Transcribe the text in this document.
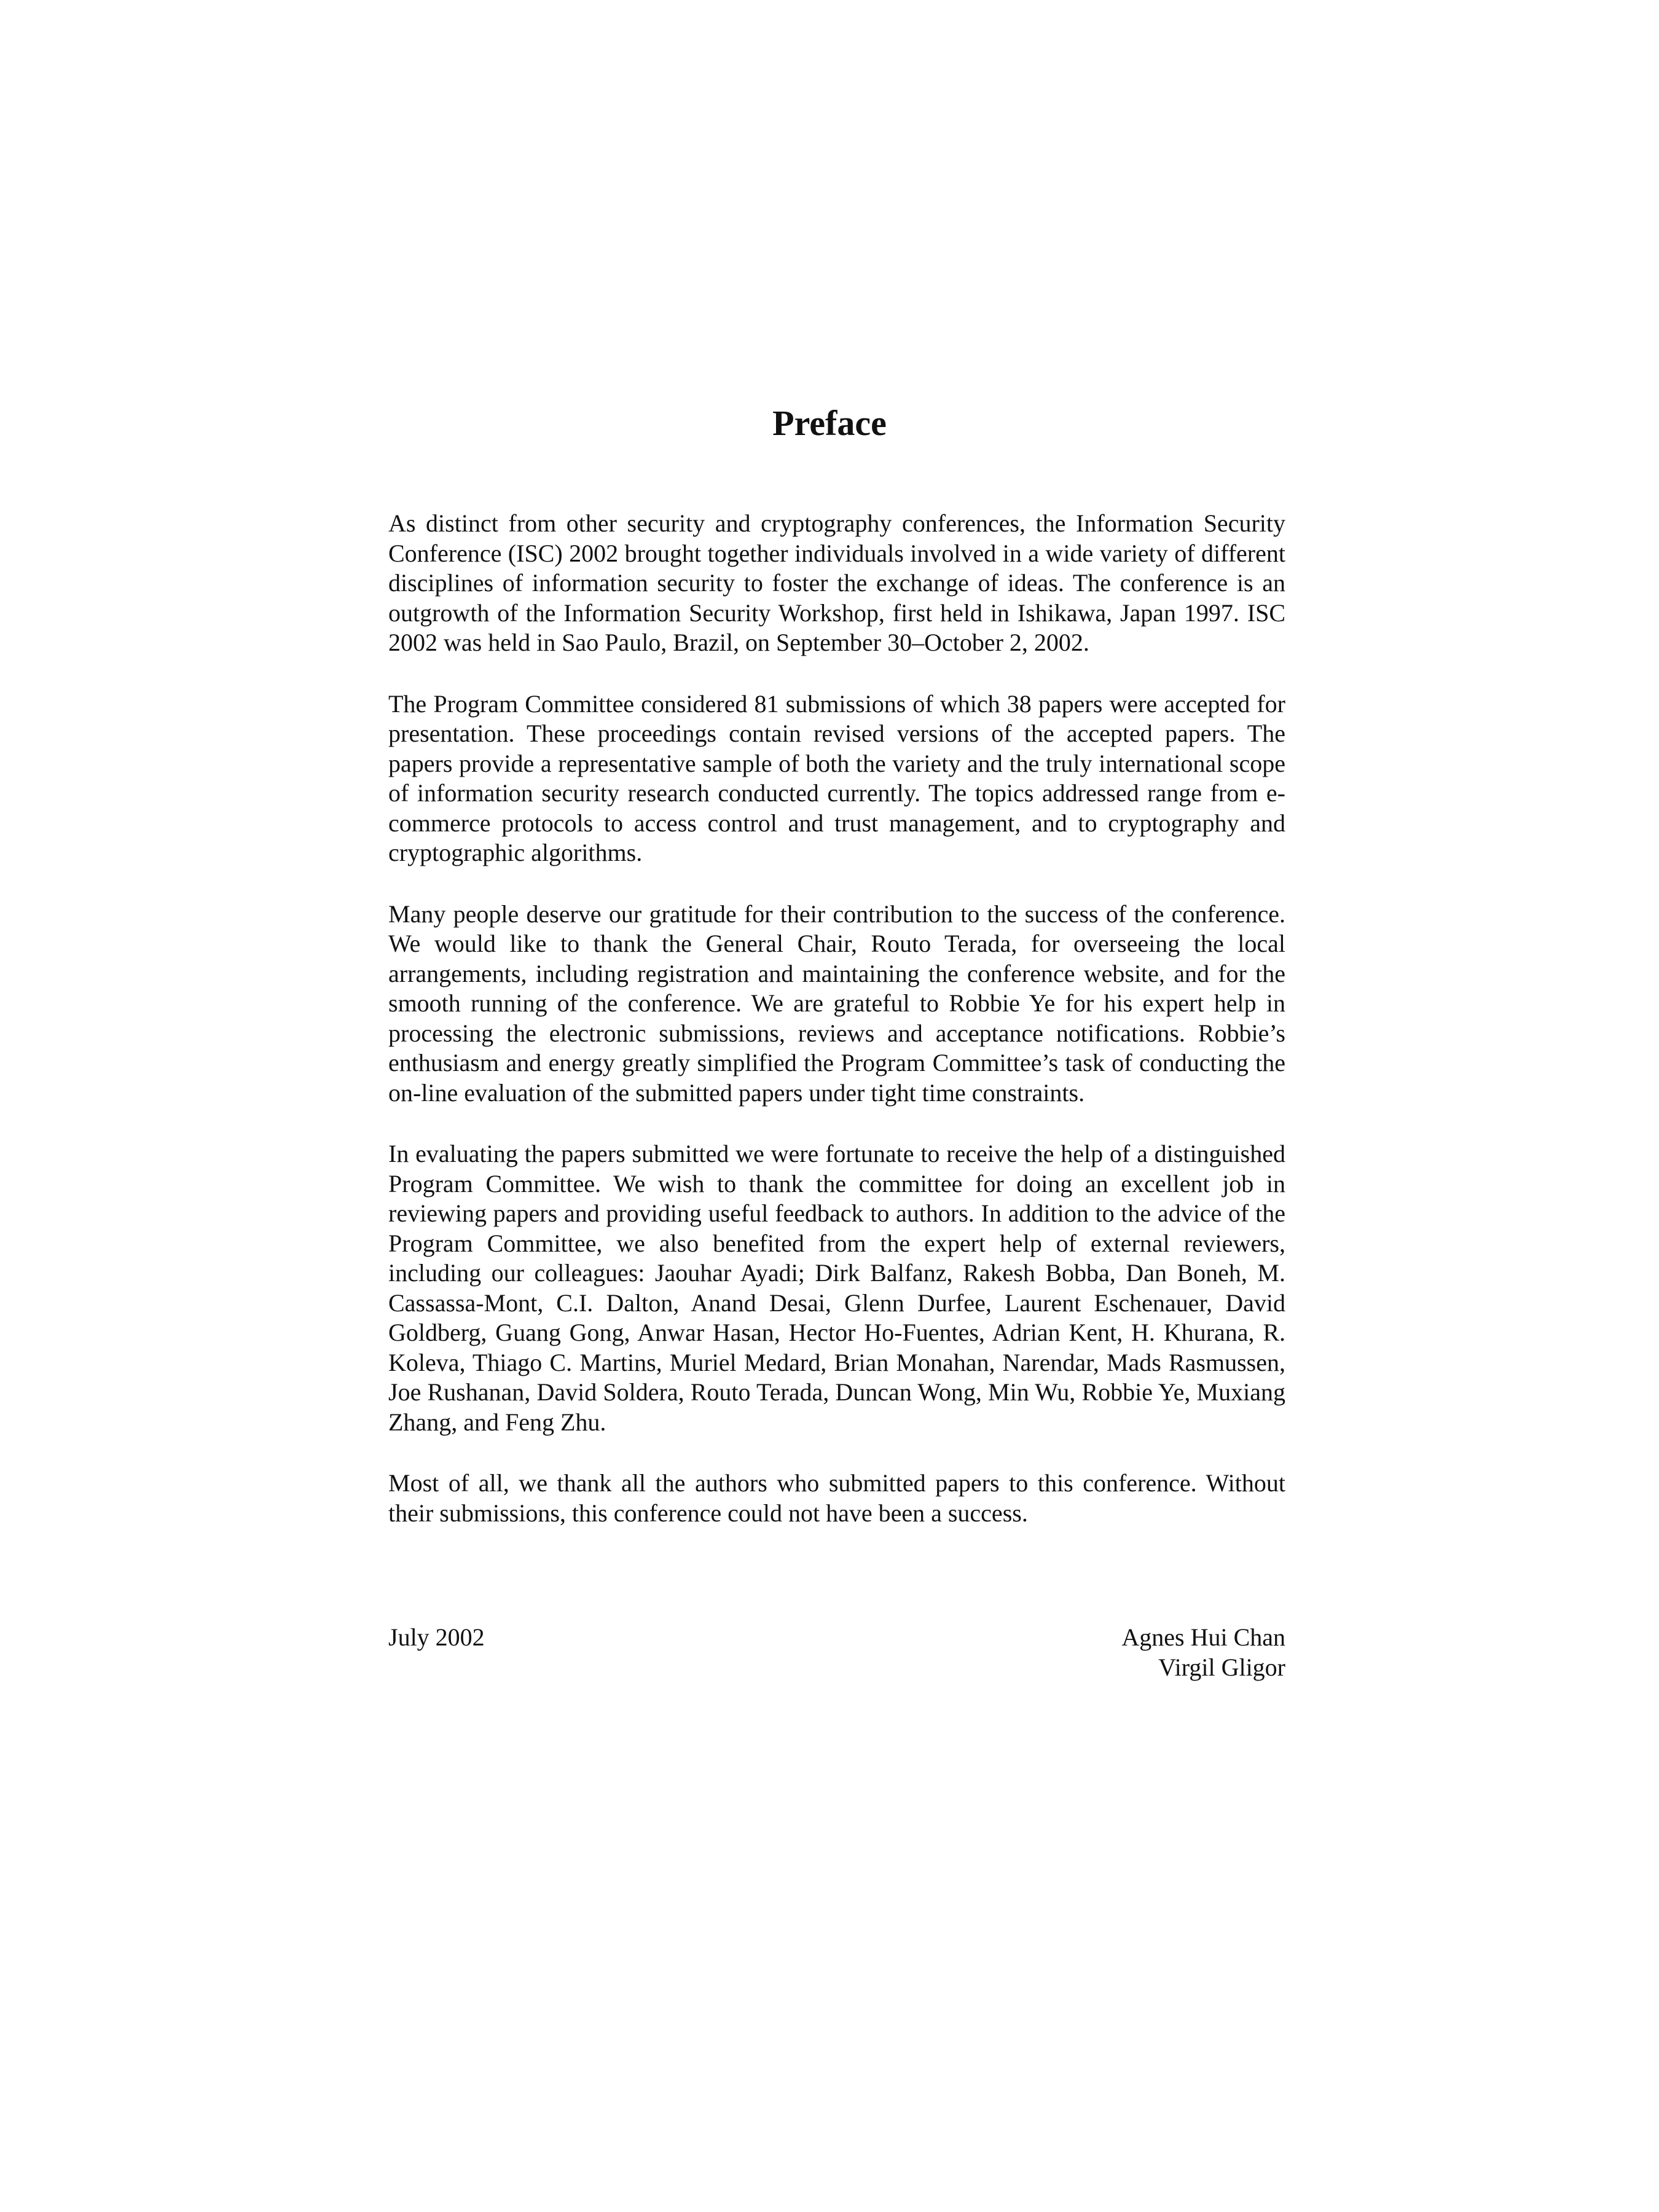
Preface

As distinct from other security and cryptography conferences, the Information Security Conference (ISC) 2002 brought together individuals involved in a wide variety of different disciplines of information security to foster the exchange of ideas. The conference is an outgrowth of the Information Security Workshop, first held in Ishikawa, Japan 1997. ISC 2002 was held in Sao Paulo, Brazil, on September 30–October 2, 2002.

The Program Committee considered 81 submissions of which 38 papers were accepted for presentation. These proceedings contain revised versions of the accepted papers. The papers provide a representative sample of both the variety and the truly international scope of information security research conducted currently. The topics addressed range from e-commerce protocols to access control and trust management, and to cryptography and cryptographic algorithms.

Many people deserve our gratitude for their contribution to the success of the conference. We would like to thank the General Chair, Routo Terada, for overseeing the local arrangements, including registration and maintaining the conference website, and for the smooth running of the conference. We are grateful to Robbie Ye for his expert help in processing the electronic submissions, reviews and acceptance notifications. Robbie’s enthusiasm and energy greatly simplified the Program Committee’s task of conducting the on-line evaluation of the submitted papers under tight time constraints.

In evaluating the papers submitted we were fortunate to receive the help of a distinguished Program Committee. We wish to thank the committee for doing an excellent job in reviewing papers and providing useful feedback to authors. In addition to the advice of the Program Committee, we also benefited from the expert help of external reviewers, including our colleagues: Jaouhar Ayadi; Dirk Balfanz, Rakesh Bobba, Dan Boneh, M. Cassassa-Mont, C.I. Dalton, Anand Desai, Glenn Durfee, Laurent Eschenauer, David Goldberg, Guang Gong, Anwar Hasan, Hector Ho-Fuentes, Adrian Kent, H. Khurana, R. Koleva, Thiago C. Martins, Muriel Medard, Brian Monahan, Narendar, Mads Rasmussen, Joe Rushanan, David Soldera, Routo Terada, Duncan Wong, Min Wu, Robbie Ye, Muxiang Zhang, and Feng Zhu.

Most of all, we thank all the authors who submitted papers to this conference. Without their submissions, this conference could not have been a success.

July 2002	Agnes Hui Chan
Virgil Gligor
